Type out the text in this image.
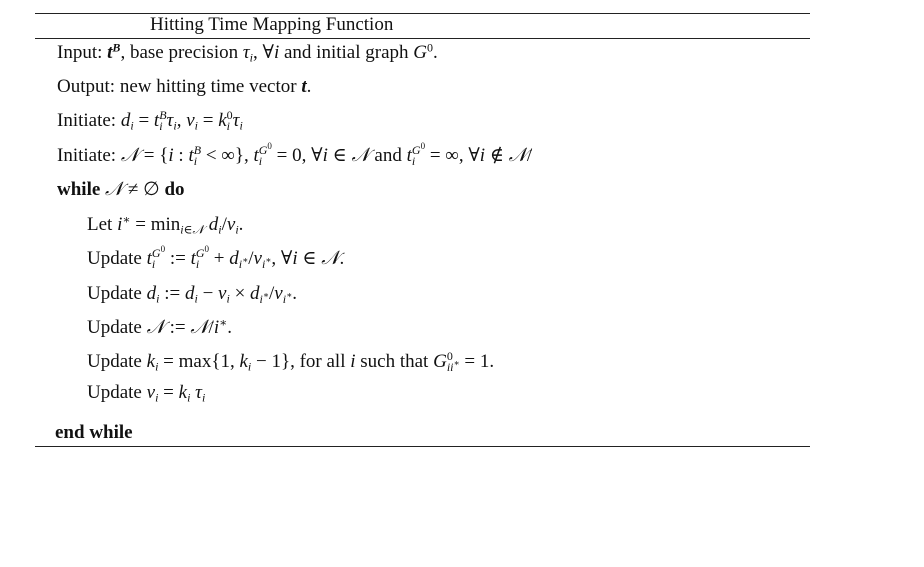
Hitting Time Mapping Function
Input: $t^B$, base precision $\tau_i$, ∀i and initial graph $G^0$.
Output: new hitting time vector t.
Initiate: $d_i = t$ B
i $\tau_i$, $v_i = k$ 0
i $\tau_i$
Initiate: 𝒩 = {i : t B
i < ∞}, t $G^0$
i = 0, ∀i ∈ 𝒩 and t $G^0$
i = ∞, ∀i ∉ 𝒩/
while 𝒩 ≠ ∅ do
Let $i^∗ = \min_{i\in 𝒩} d_i/v_i$.
Update t $G^0$
i := t $G^0$
$i + d_{i^∗}/v_{i^∗}$, ∀i ∈ 𝒩.
Update $d_i$ := $d_i - v_i \times d_{i^∗}/v_{i^∗}$.
Update 𝒩 := 𝒩/i∗.
Update $k_i = \max\{1$, $k_i - 1$}, for all i such that G 0
ii∗ = 1.
Update $v_i = k_i$ $\tau_i$
end while
